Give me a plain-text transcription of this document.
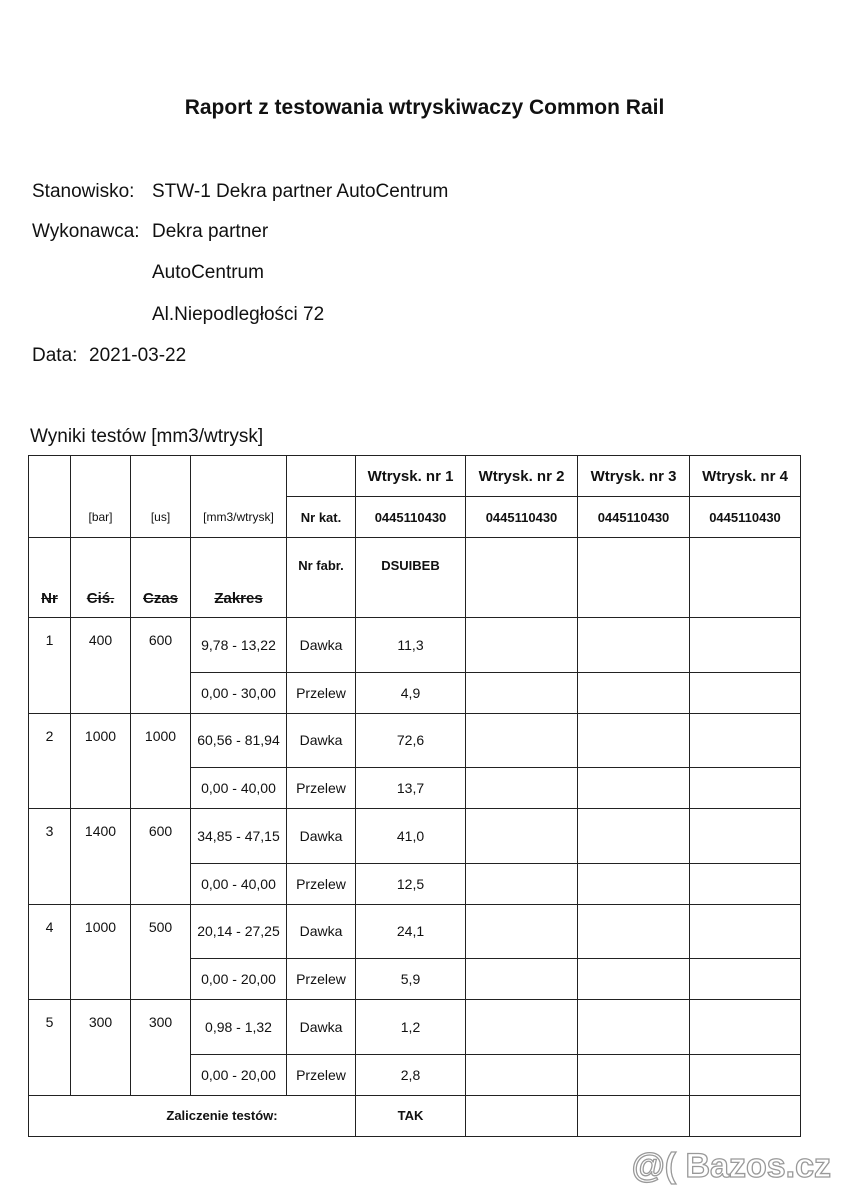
Raport z testowania wtryskiwaczy Common Rail
Stanowisko: STW-1 Dekra partner AutoCentrum
Wykonawca: Dekra partner
AutoCentrum
Al.Niepodległości 72
Data: 2021-03-22
Wyniki testów [mm3/wtrysk]
					Wtrysk. nr 1	Wtrysk. nr 2	Wtrysk. nr 3	Wtrysk. nr 4
	[bar]	[us]	[mm3/wtrysk]	Nr kat.	0445110430	0445110430	0445110430	0445110430
Nr	Ciś.	Czas	Zakres	Nr fabr.	DSUIBEB			
1	400	600	9,78 - 13,22	Dawka	11,3			
			0,00 - 30,00	Przelew	4,9			
2	1000	1000	60,56 - 81,94	Dawka	72,6			
			0,00 - 40,00	Przelew	13,7			
3	1400	600	34,85 - 47,15	Dawka	41,0			
			0,00 - 40,00	Przelew	12,5			
4	1000	500	20,14 - 27,25	Dawka	24,1			
			0,00 - 20,00	Przelew	5,9			
5	300	300	0,98 - 1,32	Dawka	1,2			
			0,00 - 20,00	Przelew	2,8			
Zaliczenie testów:					TAK			
@( Bazos.cz
